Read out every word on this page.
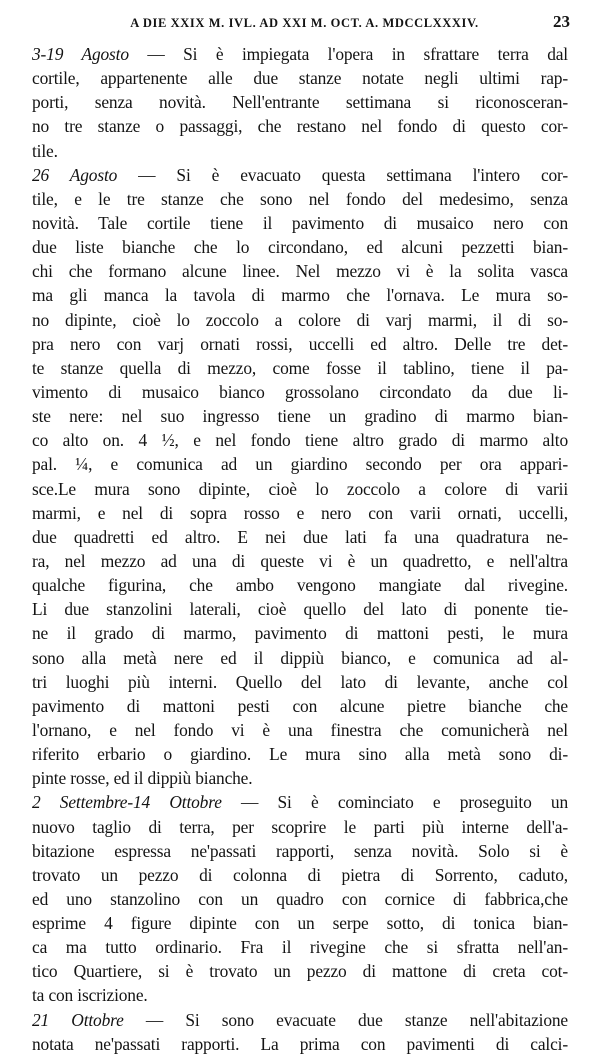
A DIE XXIX M. IVL. AD XXI M. OCT. A. MDCCLXXXIV.	23
3-19 Agosto — Si è impiegata l'opera in sfrattare terra dal
cortile, appartenente alle due stanze notate negli ultimi rap-
porti, senza novità. Nell'entrante settimana si riconosceran-
no tre stanze o passaggi, che restano nel fondo di questo cor-
tile.
26 Agosto — Si è evacuato questa settimana l'intero cor-
tile, e le tre stanze che sono nel fondo del medesimo, senza
novità. Tale cortile tiene il pavimento di musaico nero con
due liste bianche che lo circondano, ed alcuni pezzetti bian-
chi che formano alcune linee. Nel mezzo vi è la solita vasca
ma gli manca la tavola di marmo che l'ornava. Le mura so-
no dipinte, cioè lo zoccolo a colore di varj marmi, il di so-
pra nero con varj ornati rossi, uccelli ed altro. Delle tre det-
te stanze quella di mezzo, come fosse il tablino, tiene il pa-
vimento di musaico bianco grossolano circondato da due li-
ste nere: nel suo ingresso tiene un gradino di marmo bian-
co alto on. 4 ½, e nel fondo tiene altro grado di marmo alto
pal. ¼, e comunica ad un giardino secondo per ora appari-
sce.Le mura sono dipinte, cioè lo zoccolo a colore di varii
marmi, e nel di sopra rosso e nero con varii ornati, uccelli,
due quadretti ed altro. E nei due lati fa una quadratura ne-
ra, nel mezzo ad una di queste vi è un quadretto, e nell'altra
qualche figurina, che ambo vengono mangiate dal rivegine.
Li due stanzolini laterali, cioè quello del lato di ponente tie-
ne il grado di marmo, pavimento di mattoni pesti, le mura
sono alla metà nere ed il dippiù bianco, e comunica ad al-
tri luoghi più interni. Quello del lato di levante, anche col
pavimento di mattoni pesti con alcune pietre bianche che
l'ornano, e nel fondo vi è una finestra che comunicherà nel
riferito erbario o giardino. Le mura sino alla metà sono di-
pinte rosse, ed il dippiù bianche.
2 Settembre-14 Ottobre — Si è cominciato e proseguito un
nuovo taglio di terra, per scoprire le parti più interne dell'a-
bitazione espressa ne'passati rapporti, senza novità. Solo si è
trovato un pezzo di colonna di pietra di Sorrento, caduto,
ed uno stanzolino con un quadro con cornice di fabbrica,che
esprime 4 figure dipinte con un serpe sotto, di tonica bian-
ca ma tutto ordinario. Fra il rivegine che si sfratta nell'an-
tico Quartiere, si è trovato un pezzo di mattone di creta cot-
ta con iscrizione.
21 Ottobre — Si sono evacuate due stanze nell'abitazione
notata ne'passati rapporti. La prima con pavimenti di calci-
